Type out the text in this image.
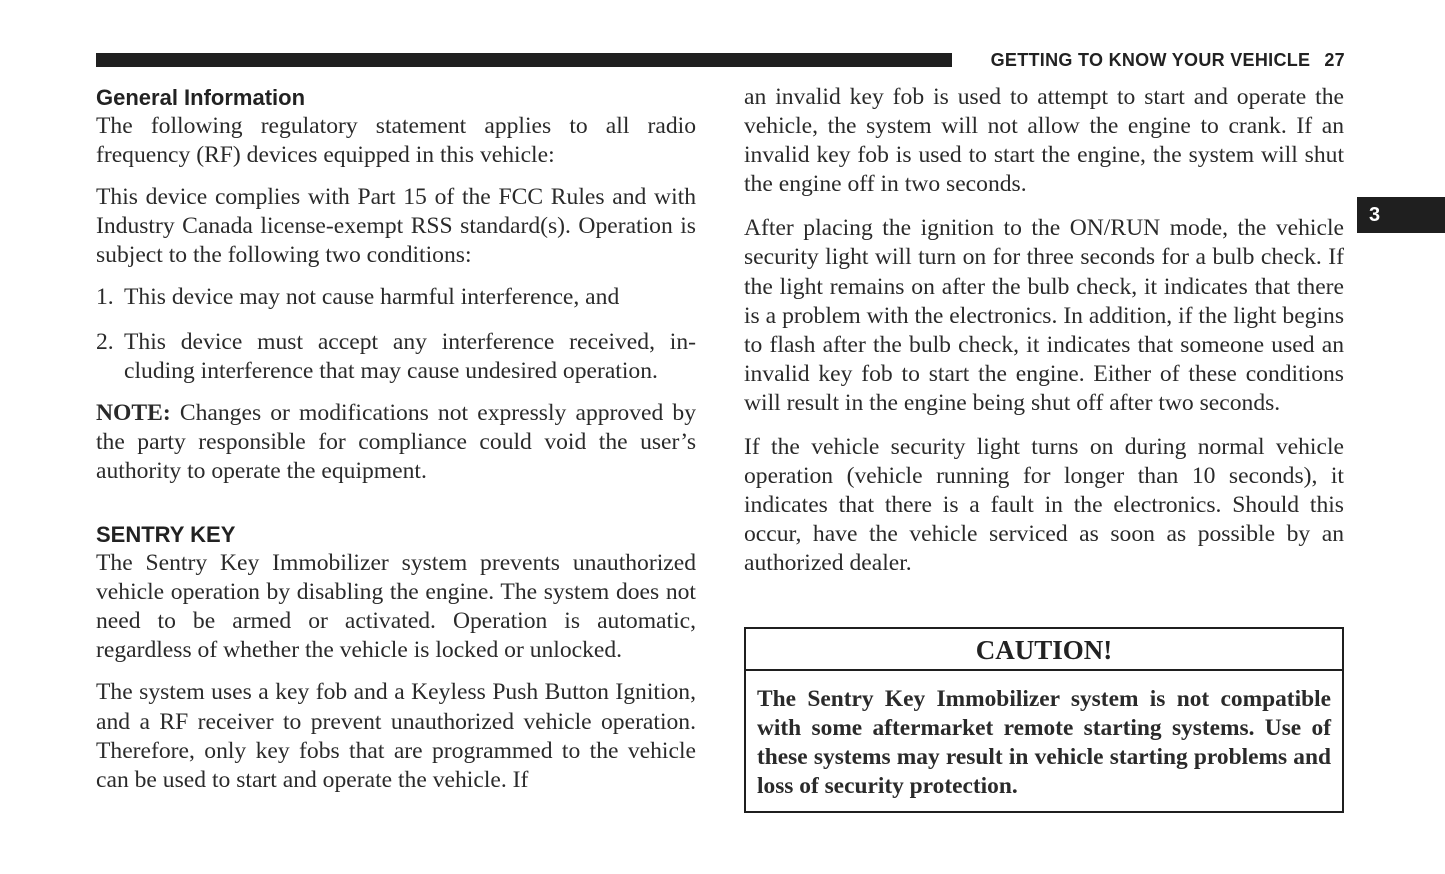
GETTING TO KNOW YOUR VEHICLE 27
3
General Information

The following regulatory statement applies to all radio frequency (RF) devices equipped in this vehicle:

This device complies with Part 15 of the FCC Rules and with Industry Canada license-exempt RSS standard(s). Operation is subject to the following two conditions:

1. This device may not cause harmful interference, and
2. This device must accept any interference received, including interference that may cause undesired operation.

NOTE: Changes or modifications not expressly approved by the party responsible for compliance could void the user’s authority to operate the equipment.

SENTRY KEY

The Sentry Key Immobilizer system prevents unauthorized vehicle operation by disabling the engine. The system does not need to be armed or activated. Operation is automatic, regardless of whether the vehicle is locked or unlocked.

The system uses a key fob and a Keyless Push Button Ignition, and a RF receiver to prevent unauthorized vehicle operation. Therefore, only key fobs that are programmed to the vehicle can be used to start and operate the vehicle. If

an invalid key fob is used to attempt to start and operate the vehicle, the system will not allow the engine to crank. If an invalid key fob is used to start the engine, the system will shut the engine off in two seconds.

After placing the ignition to the ON/RUN mode, the vehicle security light will turn on for three seconds for a bulb check. If the light remains on after the bulb check, it indicates that there is a problem with the electronics. In addition, if the light begins to flash after the bulb check, it indicates that someone used an invalid key fob to start the engine. Either of these conditions will result in the engine being shut off after two seconds.

If the vehicle security light turns on during normal vehicle operation (vehicle running for longer than 10 seconds), it indicates that there is a fault in the electronics. Should this occur, have the vehicle serviced as soon as possible by an authorized dealer.

CAUTION!
The Sentry Key Immobilizer system is not compatible with some aftermarket remote starting systems. Use of these systems may result in vehicle starting problems and loss of security protection.
